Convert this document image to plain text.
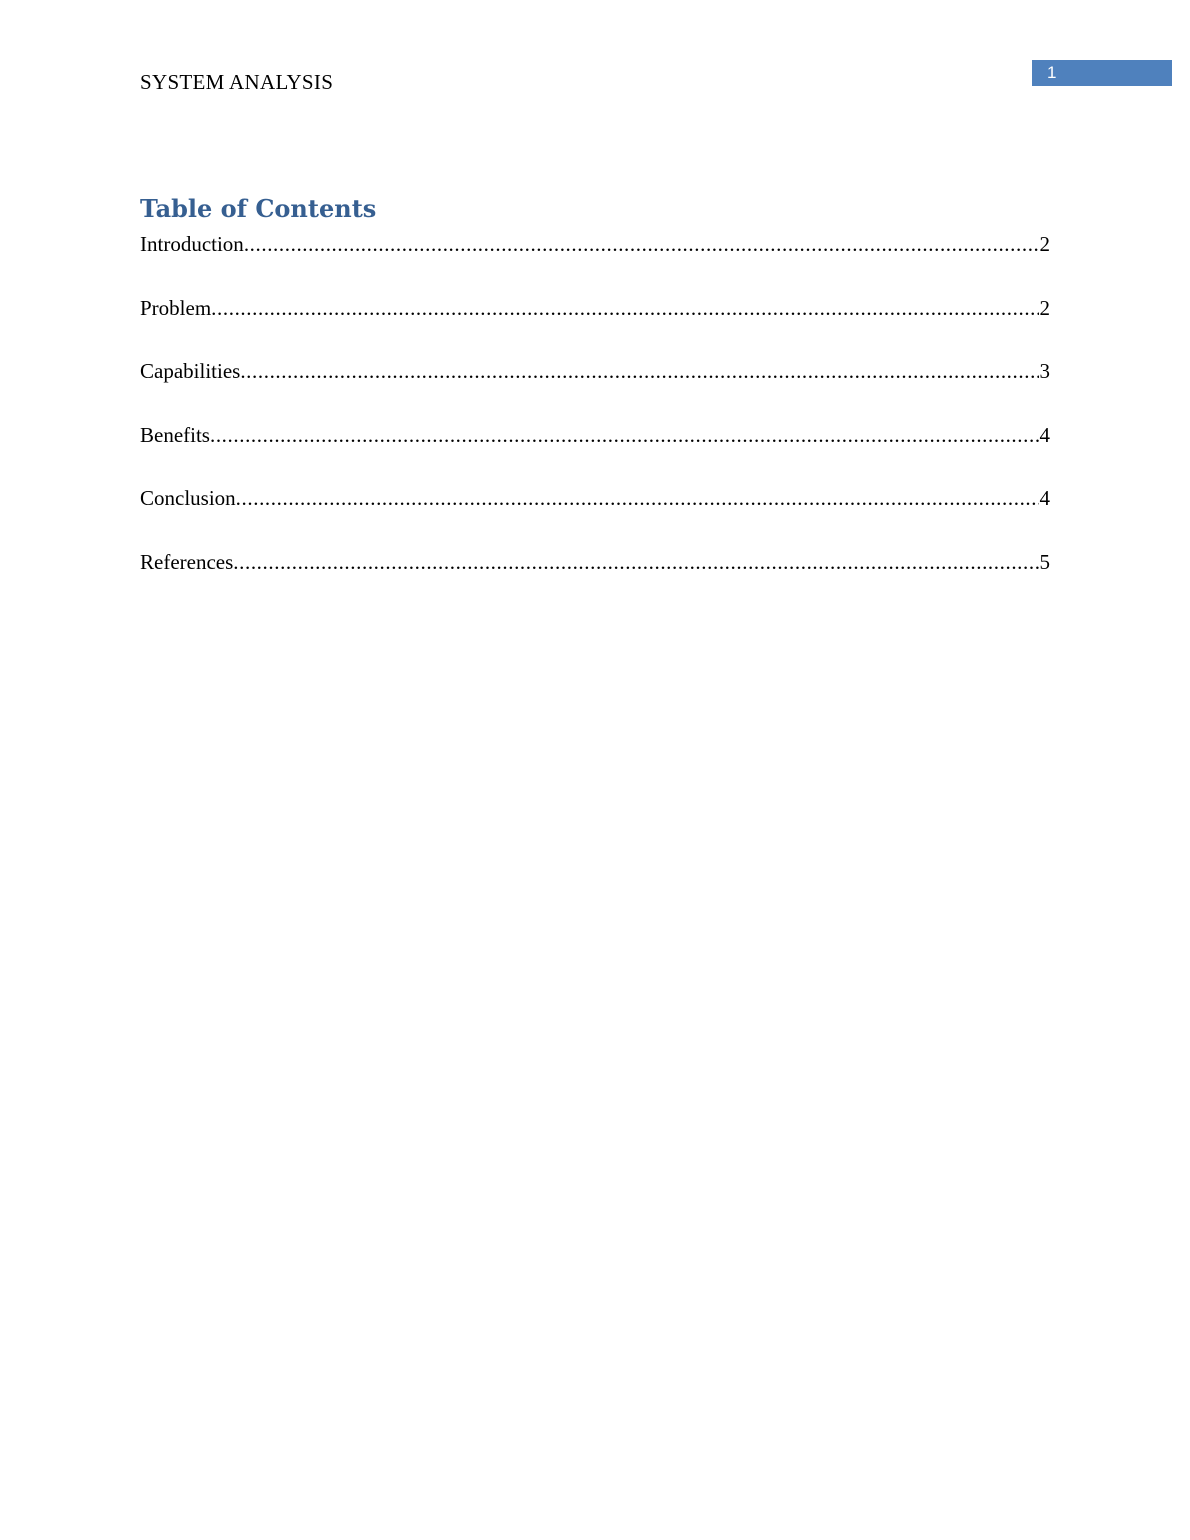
SYSTEM ANALYSIS	1
Table of Contents
Introduction .....	2
Problem .....	2
Capabilities .....	3
Benefits .....	4
Conclusion .....	4
References .....	5
